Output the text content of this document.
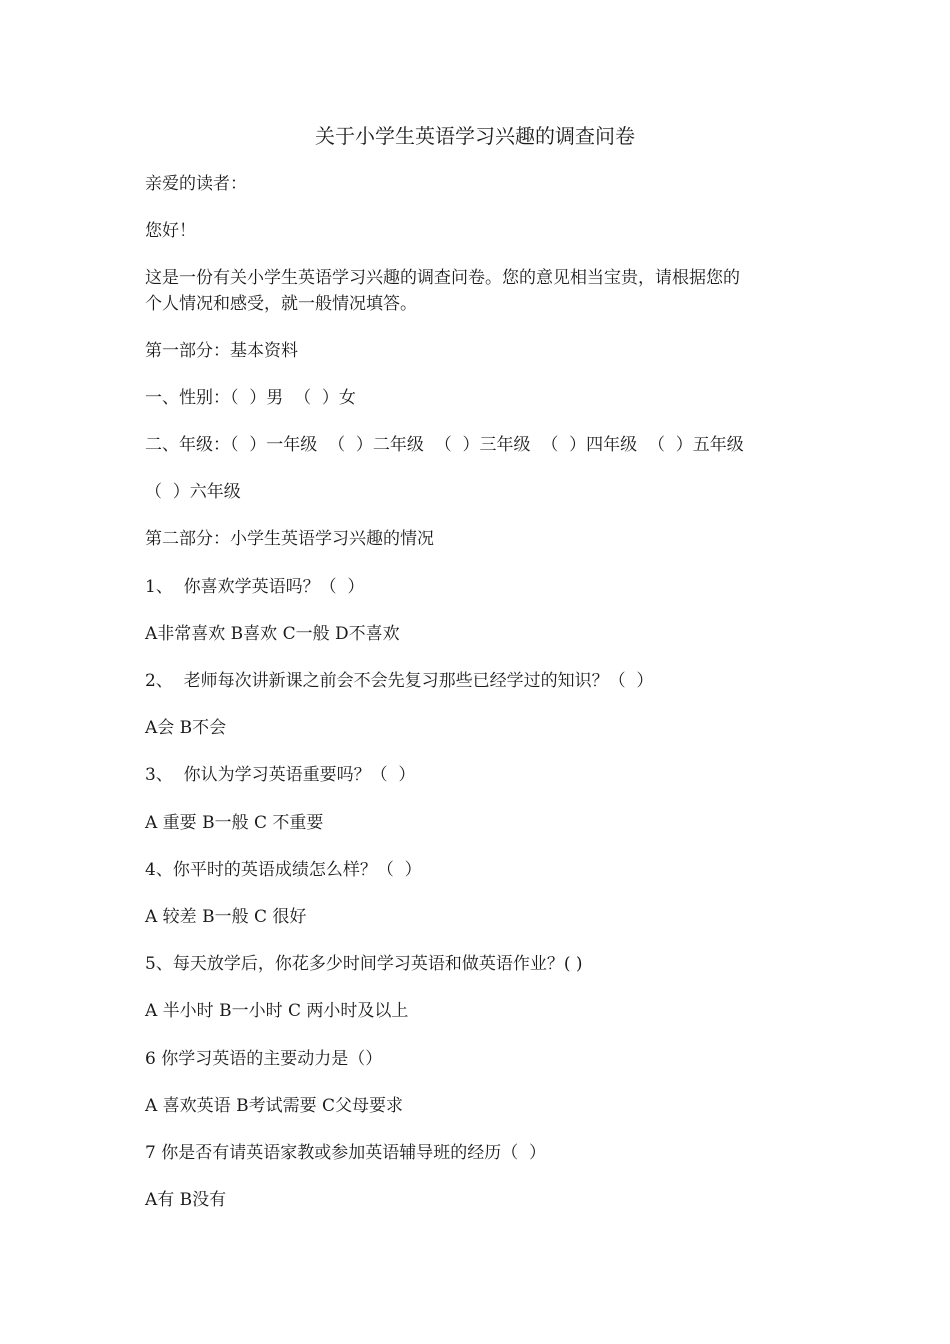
关于小学生英语学习兴趣的调查问卷
亲爱的读者：
您好！
这是一份有关小学生英语学习兴趣的调查问卷。您的意见相当宝贵，请根据您的
个人情况和感受，就一般情况填答。
第一部分：基本资料
一、性别：（  ）男  （  ）女
二、年级：（  ）一年级  （  ）二年级  （  ）三年级  （  ）四年级  （  ）五年级
（  ）六年级
第二部分：小学生英语学习兴趣的情况
1、  你喜欢学英语吗？（  ）
A非常喜欢 B喜欢 C一般 D不喜欢
2、  老师每次讲新课之前会不会先复习那些已经学过的知识？（  ）
A会 B不会
3、  你认为学习英语重要吗？（  ）
A 重要 B一般 C 不重要
4、你平时的英语成绩怎么样？（  ）
A 较差 B一般 C 很好
5、每天放学后，你花多少时间学习英语和做英语作业？( )
A 半小时 B一小时 C 两小时及以上
6 你学习英语的主要动力是（）
A 喜欢英语 B考试需要 C父母要求
7 你是否有请英语家教或参加英语辅导班的经历（  ）
A有 B没有
